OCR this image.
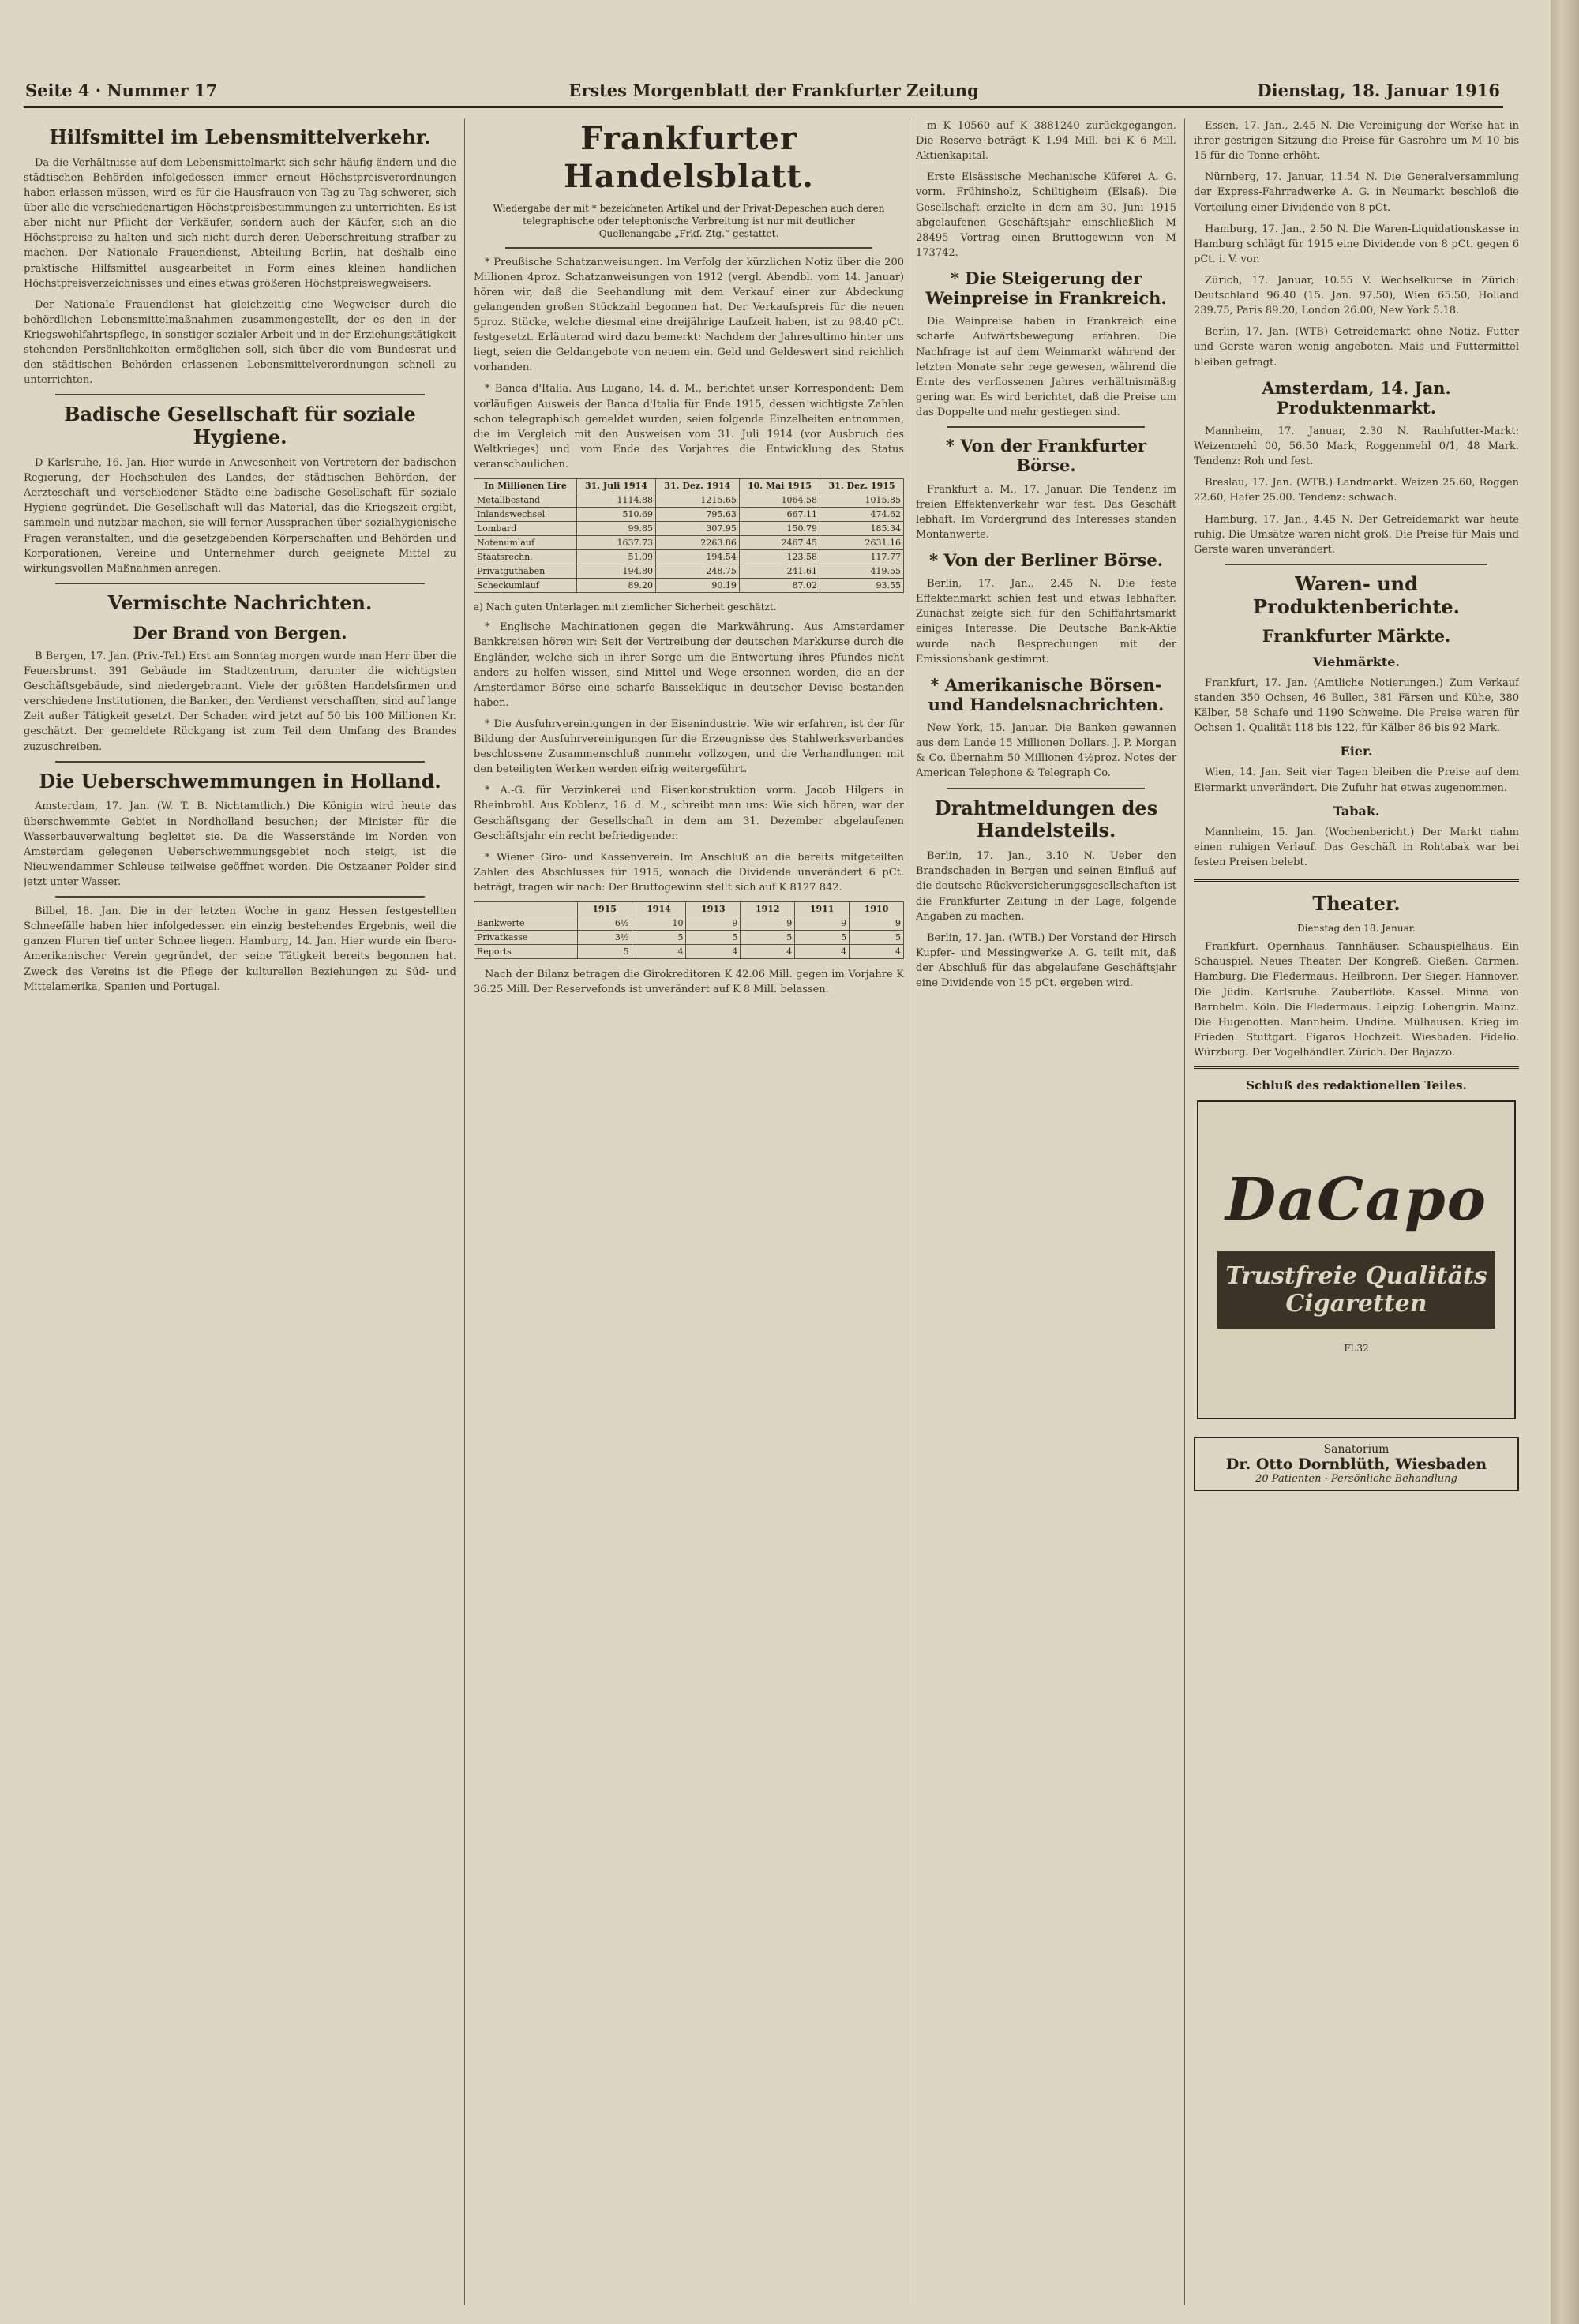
Seite 4 · Nummer 17	Erstes Morgenblatt der Frankfurter Zeitung	Dienstag, 18. Januar 1916
Hilfsmittel im Lebensmittelverkehr.

Da die Verhältnisse auf dem Lebensmittelmarkt sich sehr häufig ändern und die städtischen Behörden infolgedessen immer erneut Höchstpreisverordnungen haben erlassen müssen, wird es für die Hausfrauen von Tag zu Tag schwerer, sich über alle die verschiedenartigen Höchstpreisbestimmungen zu unterrichten. Es ist aber nicht nur Pflicht der Verkäufer, sondern auch der Käufer, sich an die Höchstpreise zu halten und sich nicht durch deren Ueberschreitung strafbar zu machen. Der Nationale Frauendienst, Abteilung Berlin, hat deshalb eine praktische Hilfsmittel ausgearbeitet in Form eines kleinen handlichen Höchstpreisverzeichnisses und eines etwas größeren Höchstpreiswegweisers.

Der Nationale Frauendienst hat gleichzeitig eine Wegweiser durch die behördlichen Lebensmittelmaßnahmen zusammengestellt, der es den in der Kriegswohlfahrtspflege, in sonstiger sozialer Arbeit und in der Erziehungstätigkeit stehenden Persönlichkeiten ermöglichen soll, sich über die vom Bundesrat und den städtischen Behörden erlassenen Lebensmittelverordnungen schnell zu unterrichten.

Badische Gesellschaft für soziale Hygiene.

D Karlsruhe, 16. Jan. Hier wurde in Anwesenheit von Vertretern der badischen Regierung, der Hochschulen des Landes, der städtischen Behörden, der Aerzteschaft und verschiedener Städte eine badische Gesellschaft für soziale Hygiene gegründet. Die Gesellschaft will das Material, das die Kriegszeit ergibt, sammeln und nutzbar machen, sie will ferner Aussprachen über sozialhygienische Fragen veranstalten, und die gesetzgebenden Körperschaften und Behörden und Korporationen, Vereine und Unternehmer durch geeignete Mittel zu wirkungsvollen Maßnahmen anregen.

Vermischte Nachrichten.
Der Brand von Bergen.

B Bergen, 17. Jan. (Priv.-Tel.) Erst am Sonntag morgen wurde man Herr über die Feuersbrunst. 391 Gebäude im Stadtzentrum, darunter die wichtigsten Geschäftsgebäude, sind niedergebrannt. Viele der größten Handelsfirmen und verschiedene Institutionen, die Banken, den Verdienst verschafften, sind auf lange Zeit außer Tätigkeit gesetzt. Der Schaden wird jetzt auf 50 bis 100 Millionen Kr. geschätzt. Der gemeldete Rückgang ist zum Teil dem Umfang des Brandes zuzuschreiben.

Die Ueberschwemmungen in Holland.

Amsterdam, 17. Jan. (W. T. B. Nichtamtlich.) Die Königin wird heute das überschwemmte Gebiet in Nordholland besuchen; der Minister für die Wasserbauverwaltung begleitet sie. Da die Wasserstände im Norden von Amsterdam gelegenen Ueberschwemmungsgebiet noch steigt, ist die Nieuwendammer Schleuse teilweise geöffnet worden. Die Ostzaaner Polder sind jetzt unter Wasser.

Bilbel, 18. Jan. Die in der letzten Woche in ganz Hessen festgestellten Schneefälle haben hier infolgedessen ein einzig bestehendes Ergebnis, weil die ganzen Fluren tief unter Schnee liegen. Hamburg, 14. Jan. Hier wurde ein Ibero-Amerikanischer Verein gegründet, der seine Tätigkeit bereits begonnen hat. Zweck des Vereins ist die Pflege der kulturellen Beziehungen zu Süd- und Mittelamerika, Spanien und Portugal.

Frankfurter Handelsblatt.
Wiedergabe der mit * bezeichneten Artikel und der Privat-Depeschen auch deren telegraphische oder telephonische Verbreitung ist nur mit deutlicher Quellenangabe „Frkf. Ztg.“ gestattet.

* Preußische Schatzanweisungen. Im Verfolg der kürzlichen Notiz über die 200 Millionen 4proz. Schatzanweisungen von 1912 (vergl. Abendbl. vom 14. Januar) hören wir, daß die Seehandlung mit dem Verkauf einer zur Abdeckung gelangenden großen Stückzahl begonnen hat. Der Verkaufspreis für die neuen 5proz. Stücke, welche diesmal eine dreijährige Laufzeit haben, ist zu 98.40 pCt. festgesetzt. Erläuternd wird dazu bemerkt: Nachdem der Jahresultimo hinter uns liegt, seien die Geldangebote von neuem ein. Geld und Geldeswert sind reichlich vorhanden.

* Banca d'Italia. Aus Lugano, 14. d. M., berichtet unser Korrespondent: Dem vorläufigen Ausweis der Banca d'Italia für Ende 1915, dessen wichtigste Zahlen schon telegraphisch gemeldet wurden, seien folgende Einzelheiten entnommen, die im Vergleich mit den Ausweisen vom 31. Juli 1914 (vor Ausbruch des Weltkrieges) und vom Ende des Vorjahres die Entwicklung des Status veranschaulichen.

In Millionen Lire	31. Juli 1914	31. Dez. 1914	10. Mai 1915	31. Dez. 1915
Metallbestand	1114.88	1215.65	1064.58	1015.85
Inlandswechsel	510.69	795.63	667.11	474.62
Lombard	99.85	307.95	150.79	185.34
Notenumlauf	1637.73	2263.86	2467.45	2631.16
Staatsrechn.	51.09	194.54	123.58	117.77
Privatguthaben	194.80	248.75	241.61	419.55
Scheckumlauf	89.20	90.19	87.02	93.55
a) Nach guten Unterlagen mit ziemlicher Sicherheit geschätzt.

* Englische Machinationen gegen die Markwährung. Aus Amsterdamer Bankkreisen hören wir: Seit der Vertreibung der deutschen Markkurse durch die Engländer, welche sich in ihrer Sorge um die Entwertung ihres Pfundes nicht anders zu helfen wissen, sind Mittel und Wege ersonnen worden, die an der Amsterdamer Börse eine scharfe Baisseklique in deutscher Devise bestanden haben.

* Die Ausfuhrvereinigungen in der Eisenindustrie. Wie wir erfahren, ist der für Bildung der Ausfuhrvereinigungen für die Erzeugnisse des Stahlwerksverbandes beschlossene Zusammenschluß nunmehr vollzogen, und die Verhandlungen mit den beteiligten Werken werden eifrig weitergeführt.

* A.-G. für Verzinkerei und Eisenkonstruktion vorm. Jacob Hilgers in Rheinbrohl. Aus Koblenz, 16. d. M., schreibt man uns: Wie sich hören, war der Geschäftsgang der Gesellschaft in dem am 31. Dezember abgelaufenen Geschäftsjahr ein recht befriedigender.

* Wiener Giro- und Kassenverein. Im Anschluß an die bereits mitgeteilten Zahlen des Abschlusses für 1915, wonach die Dividende unverändert 6 pCt. beträgt, tragen wir nach: Der Bruttogewinn stellt sich auf K 8127 842.

	1915	1914	1913	1912	1911	1910
Bankwerte	6½	10	9	9	9	9
Privatkasse	3½	5	5	5	5	5
Reports	5	4	4	4	4	4

Nach der Bilanz betragen die Girokreditoren K 42.06 Mill. gegen im Vorjahre K 36.25 Mill. Der Reservefonds ist unverändert auf K 8 Mill. belassen.

m K 10560 auf K 3881240 zurückgegangen. Die Reserve beträgt K 1.94 Mill. bei K 6 Mill. Aktienkapital.

Erste Elsässische Mechanische Küferei A. G. vorm. Frühinsholz, Schiltigheim (Elsaß). Die Gesellschaft erzielte in dem am 30. Juni 1915 abgelaufenen Geschäftsjahr einschließlich M 28495 Vortrag einen Bruttogewinn von M 173742.

* Die Steigerung der Weinpreise in Frankreich.

Die Weinpreise haben in Frankreich eine scharfe Aufwärtsbewegung erfahren. Die Nachfrage ist auf dem Weinmarkt während der letzten Monate sehr rege gewesen, während die Ernte des verflossenen Jahres verhältnismäßig gering war. Es wird berichtet, daß die Preise um das Doppelte und mehr gestiegen sind.

* Von der Frankfurter Börse.

Frankfurt a. M., 17. Januar. Die Tendenz im freien Effektenverkehr war fest. Das Geschäft lebhaft. Im Vordergrund des Interesses standen Montanwerte.

* Von der Berliner Börse.

Berlin, 17. Jan., 2.45 N. Die feste Effektenmarkt schien fest und etwas lebhafter. Zunächst zeigte sich für den Schiffahrtsmarkt einiges Interesse. Die Deutsche Bank-Aktie wurde nach Besprechungen mit der Emissionsbank gestimmt.

* Amerikanische Börsen- und Handelsnachrichten.

New York, 15. Januar. Die Banken gewannen aus dem Lande 15 Millionen Dollars. J. P. Morgan & Co. übernahm 50 Millionen 4½proz. Notes der American Telephone & Telegraph Co.

Drahtmeldungen des Handelsteils.

Berlin, 17. Jan., 3.10 N. Ueber den Brandschaden in Bergen und seinen Einfluß auf die deutsche Rückversicherungsgesellschaften ist die Frankfurter Zeitung in der Lage, folgende Angaben zu machen.

Berlin, 17. Jan. (WTB.) Der Vorstand der Hirsch Kupfer- und Messingwerke A. G. teilt mit, daß der Abschluß für das abgelaufene Geschäftsjahr eine Dividende von 15 pCt. ergeben wird.

Essen, 17. Jan., 2.45 N. Die Vereinigung der Werke hat in ihrer gestrigen Sitzung die Preise für Gasrohre um M 10 bis 15 für die Tonne erhöht.

Nürnberg, 17. Januar, 11.54 N. Die Generalversammlung der Express-Fahrradwerke A. G. in Neumarkt beschloß die Verteilung einer Dividende von 8 pCt.

Hamburg, 17. Jan., 2.50 N. Die Waren-Liquidationskasse in Hamburg schlägt für 1915 eine Dividende von 8 pCt. gegen 6 pCt. i. V. vor.

Zürich, 17. Januar, 10.55 V. Wechselkurse in Zürich: Deutschland 96.40 (15. Jan. 97.50), Wien 65.50, Holland 239.75, Paris 89.20, London 26.00, New York 5.18.

Berlin, 17. Jan. (WTB) Getreidemarkt ohne Notiz. Futter und Gerste waren wenig angeboten. Mais und Futtermittel bleiben gefragt.

Amsterdam, 14. Jan. Produktenmarkt.

Mannheim, 17. Januar, 2.30 N. Rauhfutter-Markt: Weizenmehl 00, 56.50 Mark, Roggenmehl 0/1, 48 Mark. Tendenz: Roh und fest.

Breslau, 17. Jan. (WTB.) Landmarkt. Weizen 25.60, Roggen 22.60, Hafer 25.00. Tendenz: schwach.

Hamburg, 17. Jan., 4.45 N. Der Getreidemarkt war heute ruhig. Die Umsätze waren nicht groß. Die Preise für Mais und Gerste waren unverändert.

Waren- und Produktenberichte.
Frankfurter Märkte.
Viehmärkte.

Frankfurt, 17. Jan. (Amtliche Notierungen.) Zum Verkauf standen 350 Ochsen, 46 Bullen, 381 Färsen und Kühe, 380 Kälber, 58 Schafe und 1190 Schweine. Die Preise waren für Ochsen 1. Qualität 118 bis 122, für Kälber 86 bis 92 Mark.

Eier.

Wien, 14. Jan. Seit vier Tagen bleiben die Preise auf dem Eiermarkt unverändert. Die Zufuhr hat etwas zugenommen.

Tabak.

Mannheim, 15. Jan. (Wochenbericht.) Der Markt nahm einen ruhigen Verlauf. Das Geschäft in Rohtabak war bei festen Preisen belebt.

Theater.
Dienstag den 18. Januar.

Frankfurt. Opernhaus. Tannhäuser. Schauspielhaus. Ein Schauspiel. Neues Theater. Der Kongreß. Gießen. Carmen. Hamburg. Die Fledermaus. Heilbronn. Der Sieger. Hannover. Die Jüdin. Karlsruhe. Zauberflöte. Kassel. Minna von Barnhelm. Köln. Die Fledermaus. Leipzig. Lohengrin. Mainz. Die Hugenotten. Mannheim. Undine. Mülhausen. Krieg im Frieden. Stuttgart. Figaros Hochzeit. Wiesbaden. Fidelio. Würzburg. Der Vogelhändler. Zürich. Der Bajazzo.

Schluß des redaktionellen Teiles.
DaCapo
Trustfreie Qualitäts Cigaretten
Fl.32
Sanatorium
Dr. Otto Dornblüth, Wiesbaden
20 Patienten · Persönliche Behandlung
